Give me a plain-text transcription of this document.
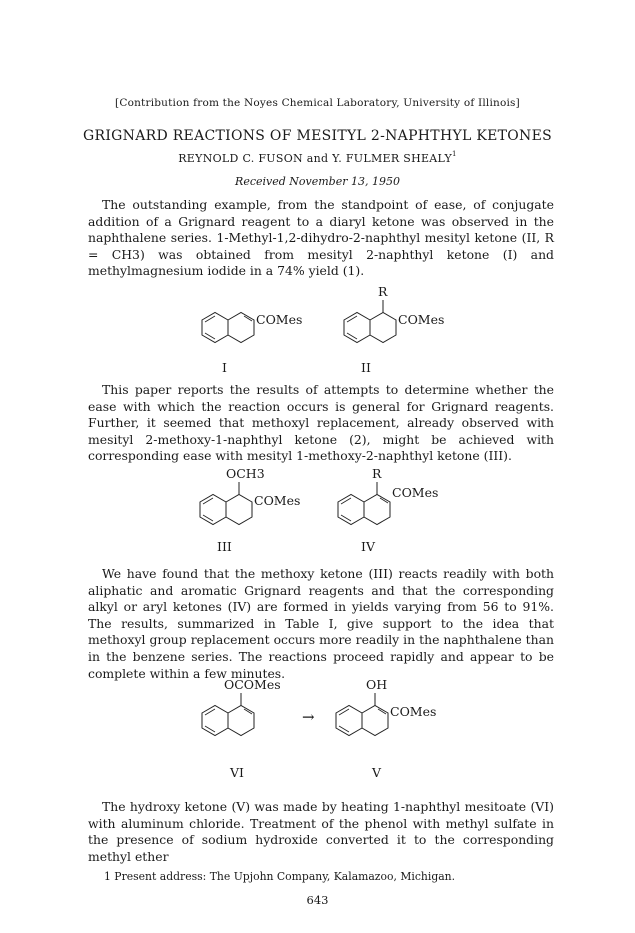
[Contribution from the Noyes Chemical Laboratory, University of Illinois]
GRIGNARD REACTIONS OF MESITYL 2-NAPHTHYL KETONES
REYNOLD C. FUSON and Y. FULMER SHEALY$^1$
Received November 13, 1950
The outstanding example, from the standpoint of ease, of conjugate addition of a Grignard reagent to a diaryl ketone was observed in the naphthalene series. 1-Methyl-1,2-dihydro-2-naphthyl mesityl ketone (II, R = CH3) was obtained from mesityl 2-naphthyl ketone (I) and methylmagnesium iodide in a 74% yield (1).
COMes
I
R
COMes
II
This paper reports the results of attempts to determine whether the ease with which the reaction occurs is general for Grignard reagents. Further, it seemed that methoxyl replacement, already observed with mesityl 2-methoxy-1-naphthyl ketone (2), might be achieved with corresponding ease with mesityl 1-methoxy-2-naphthyl ketone (III).
OCH3
COMes
III
R
COMes
IV
We have found that the methoxy ketone (III) reacts readily with both aliphatic and aromatic Grignard reagents and that the corresponding alkyl or aryl ketones (IV) are formed in yields varying from 56 to 91%. The results, summarized in Table I, give support to the idea that methoxyl group replacement occurs more readily in the naphthalene than in the benzene series. The reactions proceed rapidly and appear to be complete within a few minutes.
OCOMes
VI
→
OH
COMes
V
The hydroxy ketone (V) was made by heating 1-naphthyl mesitoate (VI) with aluminum chloride. Treatment of the phenol with methyl sulfate in the presence of sodium hydroxide converted it to the corresponding methyl ether
1 Present address: The Upjohn Company, Kalamazoo, Michigan.
643
